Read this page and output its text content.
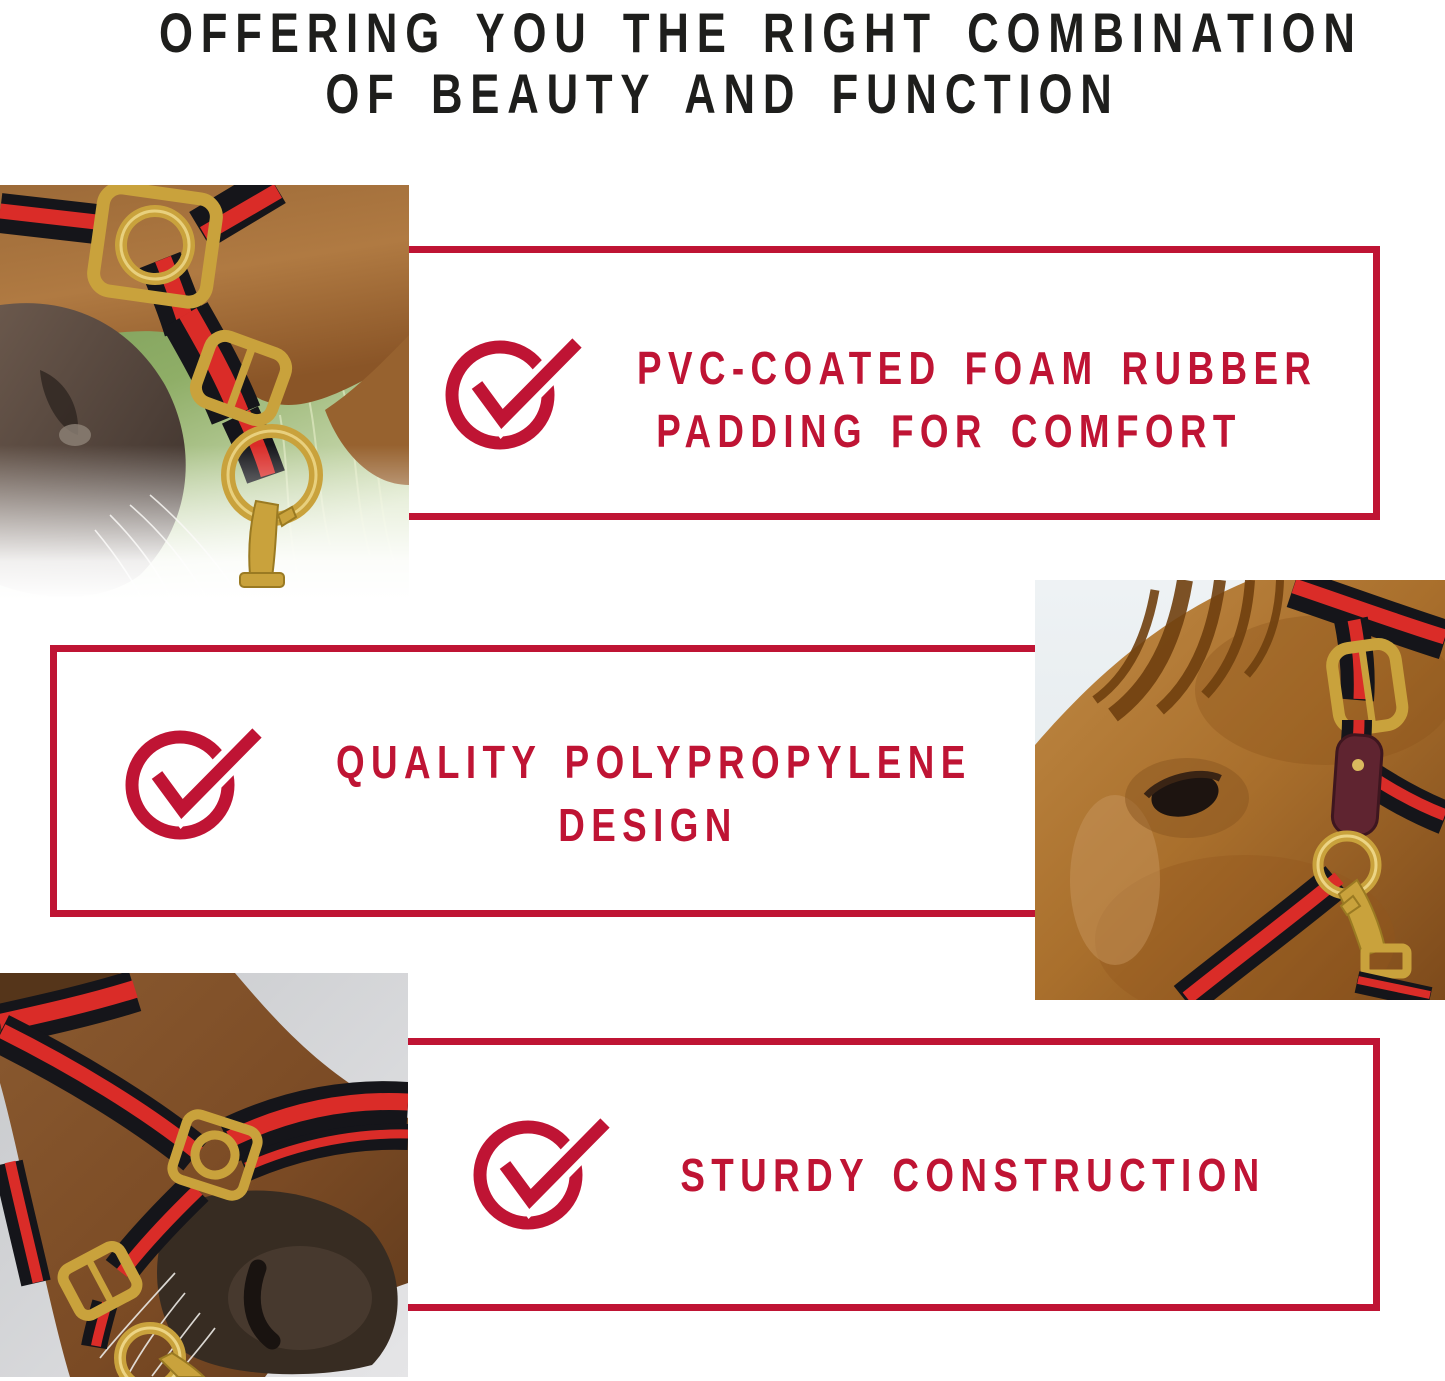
OFFERING YOU THE RIGHT COMBINATION
OF BEAUTY AND FUNCTION
PVC-COATED FOAM RUBBER
PADDING FOR COMFORT
QUALITY POLYPROPYLENE
DESIGN
STURDY CONSTRUCTION
